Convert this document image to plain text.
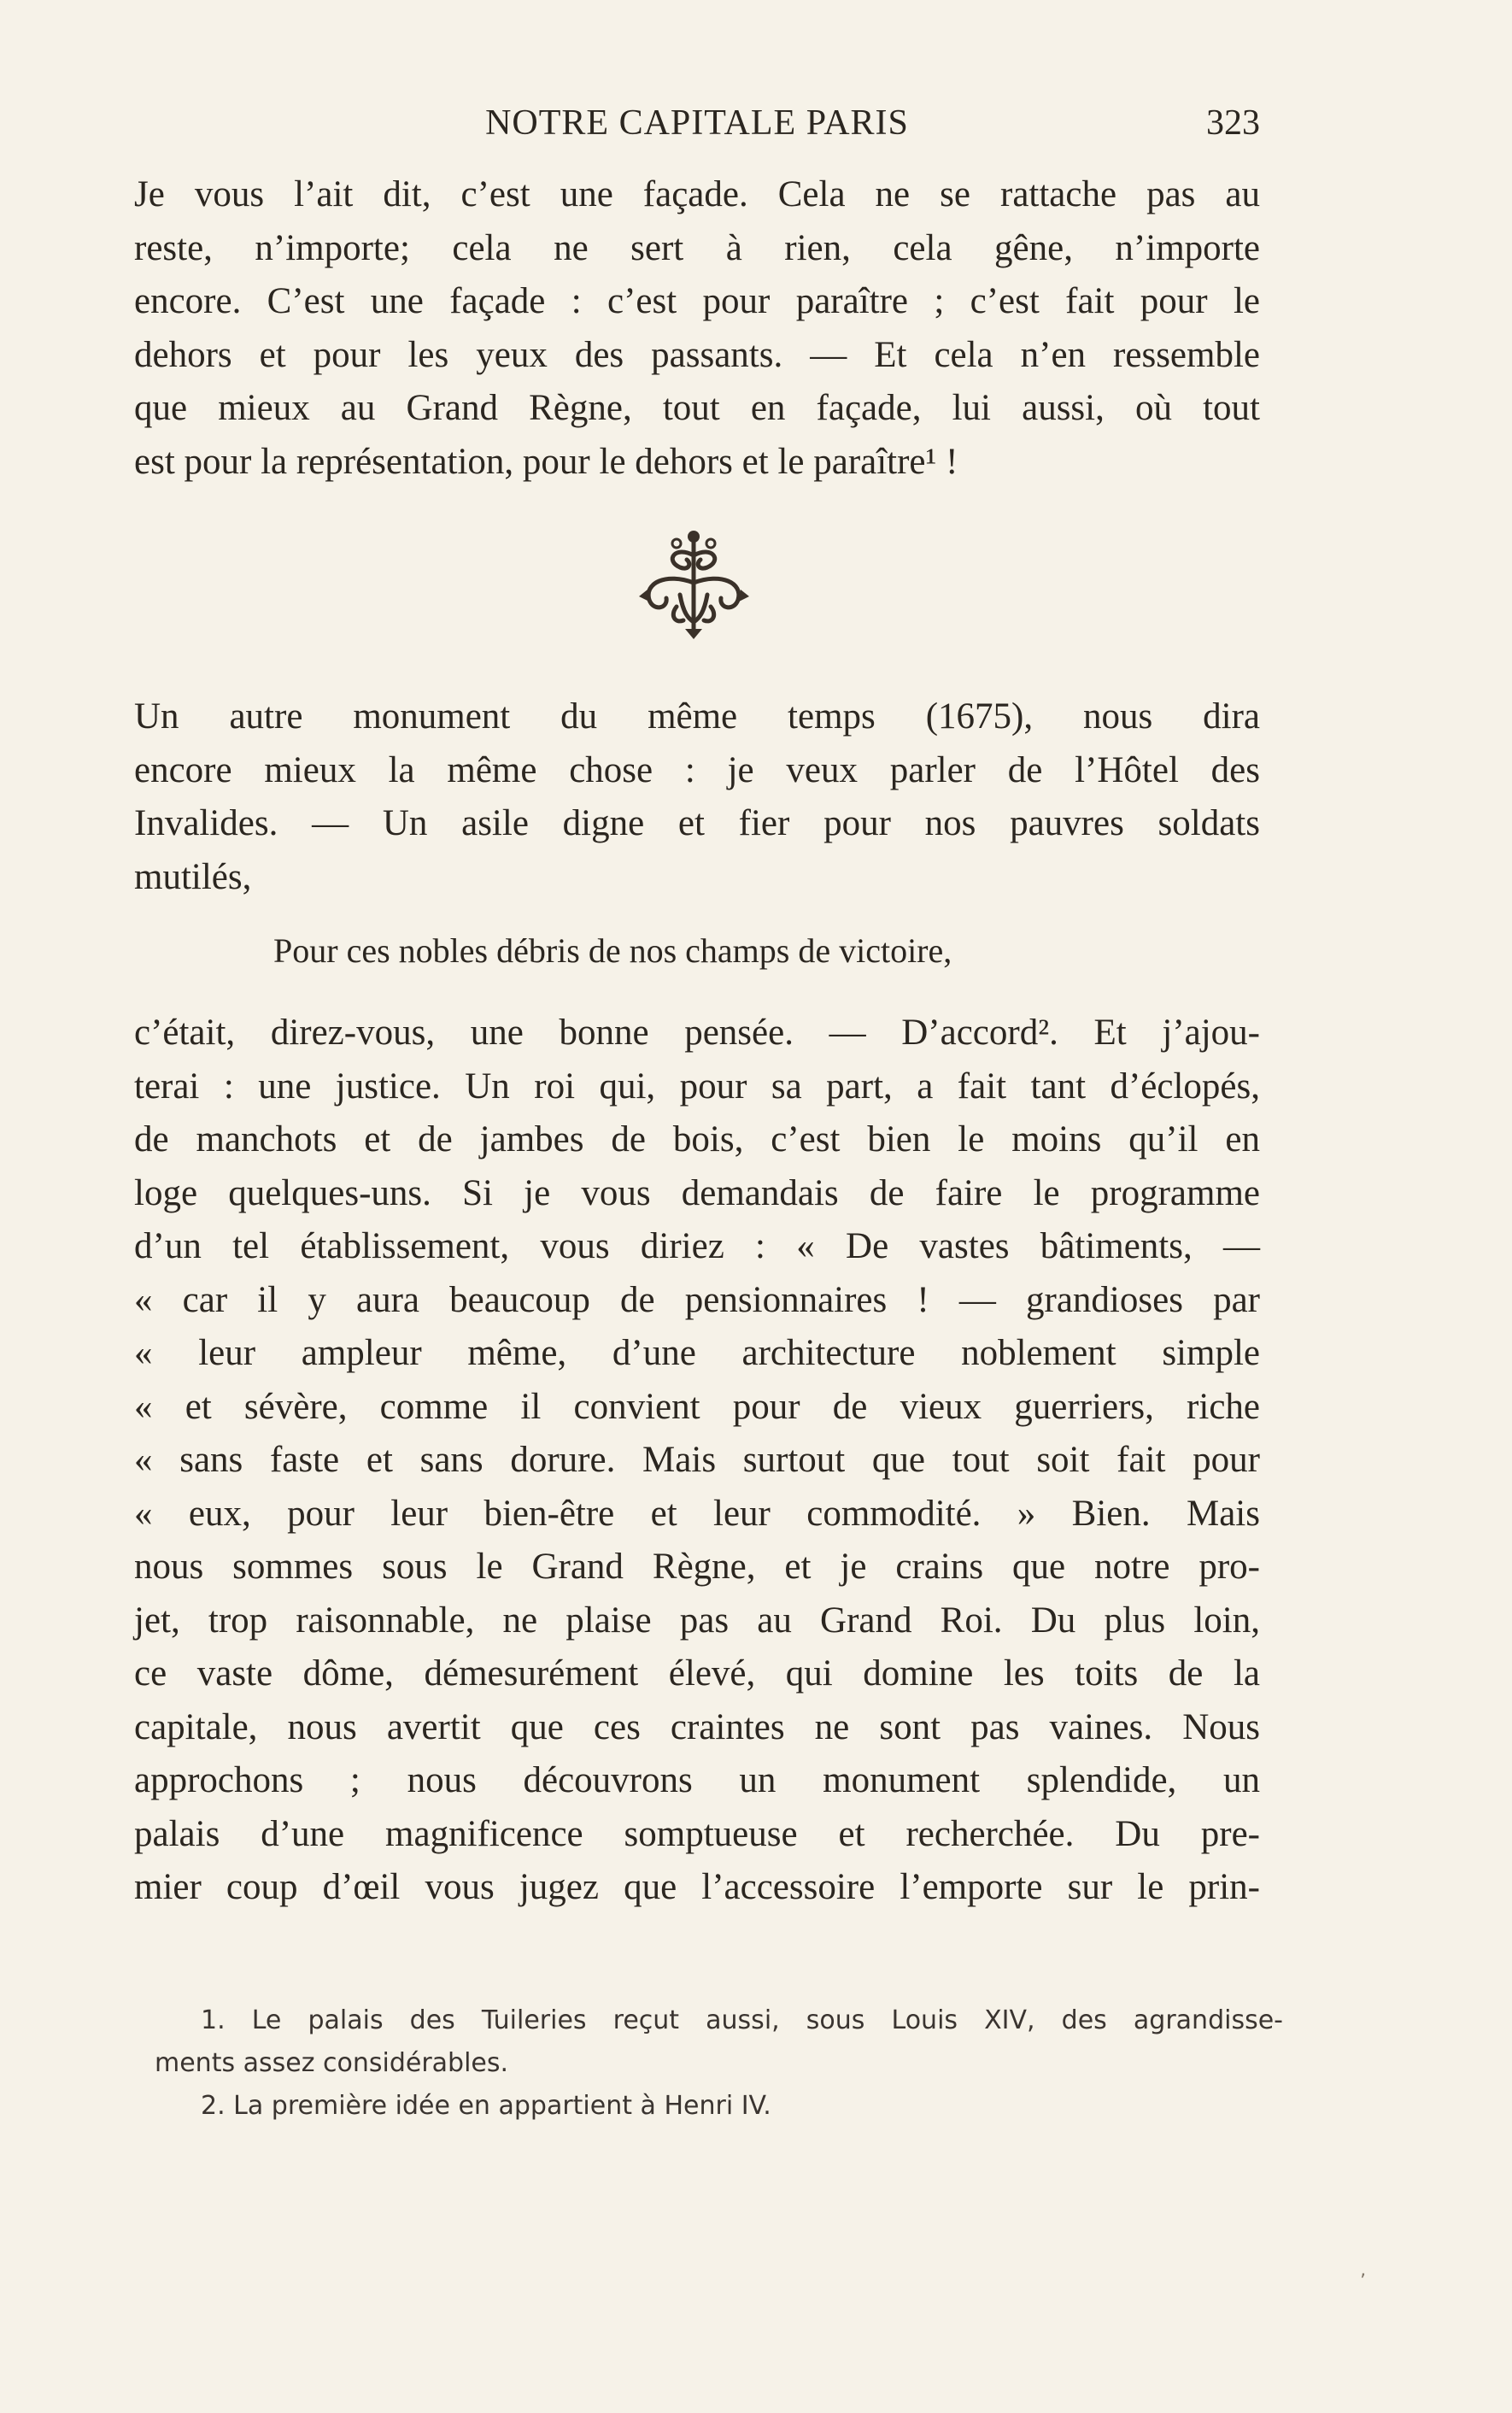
NOTRE CAPITALE PARIS	323
Je vous l’ait dit, c’est une façade. Cela ne se rattache pas au
reste, n’importe; cela ne sert à rien, cela gêne, n’importe
encore. C’est une façade : c’est pour paraître ; c’est fait pour le
dehors et pour les yeux des passants. — Et cela n’en ressemble
que mieux au Grand Règne, tout en façade, lui aussi, où tout
est pour la représentation, pour le dehors et le paraître¹ !
Un autre monument du même temps (1675), nous dira
encore mieux la même chose : je veux parler de l’Hôtel des
Invalides. — Un asile digne et fier pour nos pauvres soldats
mutilés,
Pour ces nobles débris de nos champs de victoire,
c’était, direz-vous, une bonne pensée. — D’accord². Et j’ajou-
terai : une justice. Un roi qui, pour sa part, a fait tant d’éclopés,
de manchots et de jambes de bois, c’est bien le moins qu’il en
loge quelques-uns. Si je vous demandais de faire le programme
d’un tel établissement, vous diriez : « De vastes bâtiments, —
« car il y aura beaucoup de pensionnaires ! — grandioses par
« leur ampleur même, d’une architecture noblement simple
« et sévère, comme il convient pour de vieux guerriers, riche
« sans faste et sans dorure. Mais surtout que tout soit fait pour
« eux, pour leur bien-être et leur commodité. » Bien. Mais
nous sommes sous le Grand Règne, et je crains que notre pro-
jet, trop raisonnable, ne plaise pas au Grand Roi. Du plus loin,
ce vaste dôme, démesurément élevé, qui domine les toits de la
capitale, nous avertit que ces craintes ne sont pas vaines. Nous
approchons ; nous découvrons un monument splendide, un
palais d’une magnificence somptueuse et recherchée. Du pre-
mier coup d’œil vous jugez que l’accessoire l’emporte sur le prin-
1. Le palais des Tuileries reçut aussi, sous Louis XIV, des agrandisse-
ments assez considérables.
2. La première idée en appartient à Henri IV.
’
